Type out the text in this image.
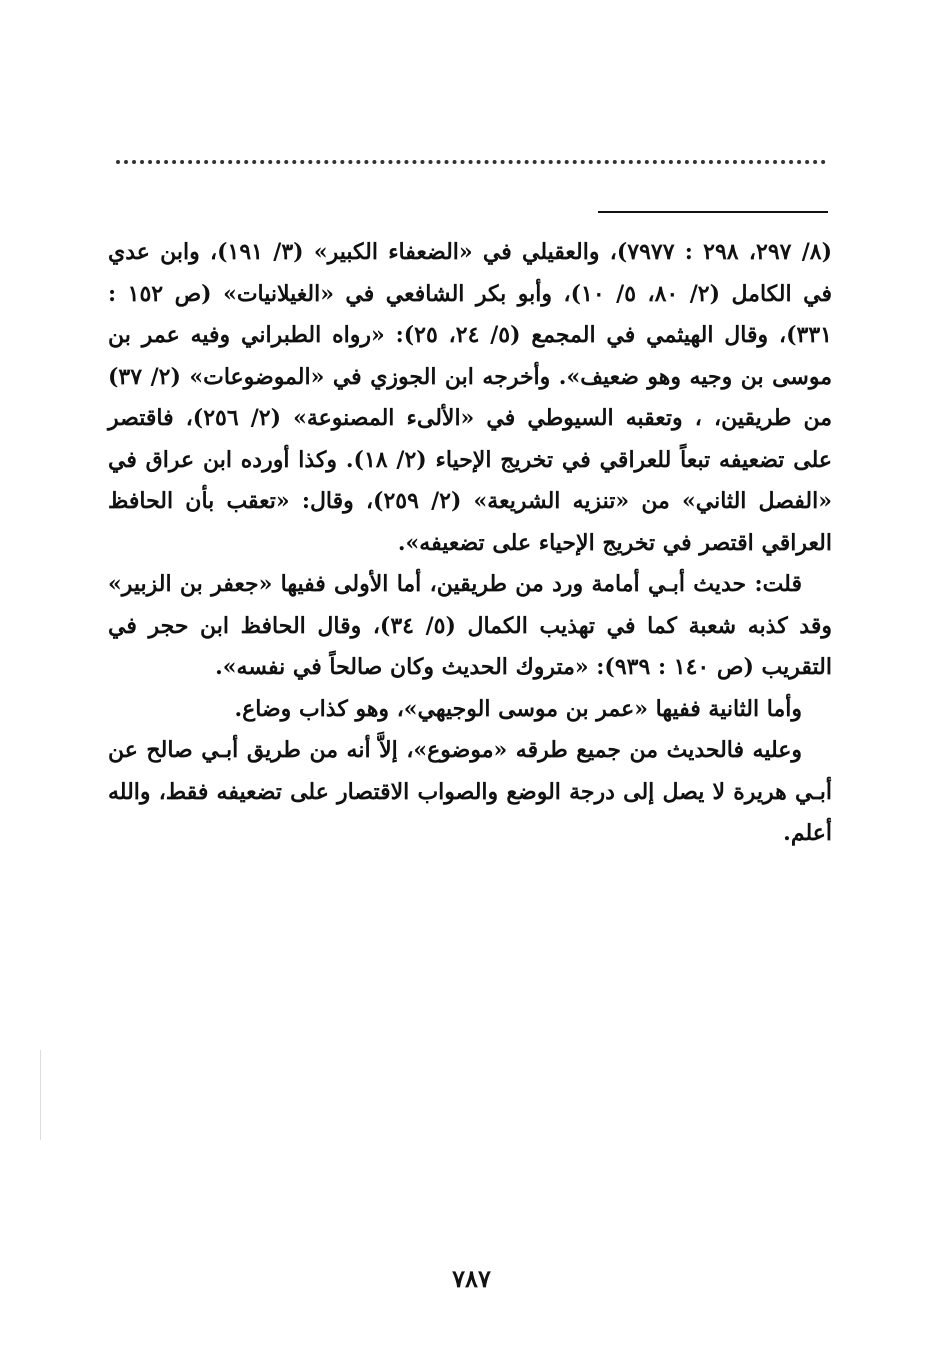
(٨/ ٢٩٧، ٢٩٨ : ٧٩٧٧)، والعقيلي في «الضعفاء الكبير» (٣/ ١٩١)، وابن عدي في الكامل (٢/ ٨٠، ٥/ ١٠)، وأبو بكر الشافعي في «الغيلانيات» (ص ١٥٢ : ٣٣١)، وقال الهيثمي في المجمع (٥/ ٢٤، ٢٥): «رواه الطبراني وفيه عمر بن موسى بن وجيه وهو ضعيف». وأخرجه ابن الجوزي في «الموضوعات» (٢/ ٣٧) من طريقين، ، وتعقبه السيوطي في «الألىء المصنوعة» (٢/ ٢٥٦)، فاقتصر على تضعيفه تبعاً للعراقي في تخريج الإحياء (٢/ ١٨). وكذا أورده ابن عراق في «الفصل الثاني» من «تنزيه الشريعة» (٢/ ٢٥٩)، وقال: «تعقب بأن الحافظ العراقي اقتصر في تخريج الإحياء على تضعيفه».

قلت: حديث أبـي أمامة ورد من طريقين، أما الأولى ففيها «جعفر بن الزبير» وقد كذبه شعبة كما في تهذيب الكمال (٥/ ٣٤)، وقال الحافظ ابن حجر في التقريب (ص ١٤٠ : ٩٣٩): «متروك الحديث وكان صالحاً في نفسه».

وأما الثانية ففيها «عمر بن موسى الوجيهي»، وهو كذاب وضاع.

وعليه فالحديث من جميع طرقه «موضوع»، إلاَّ أنه من طريق أبـي صالح عن أبـي هريرة لا يصل إلى درجة الوضع والصواب الاقتصار على تضعيفه فقط، والله أعلم.

٧٨٧
